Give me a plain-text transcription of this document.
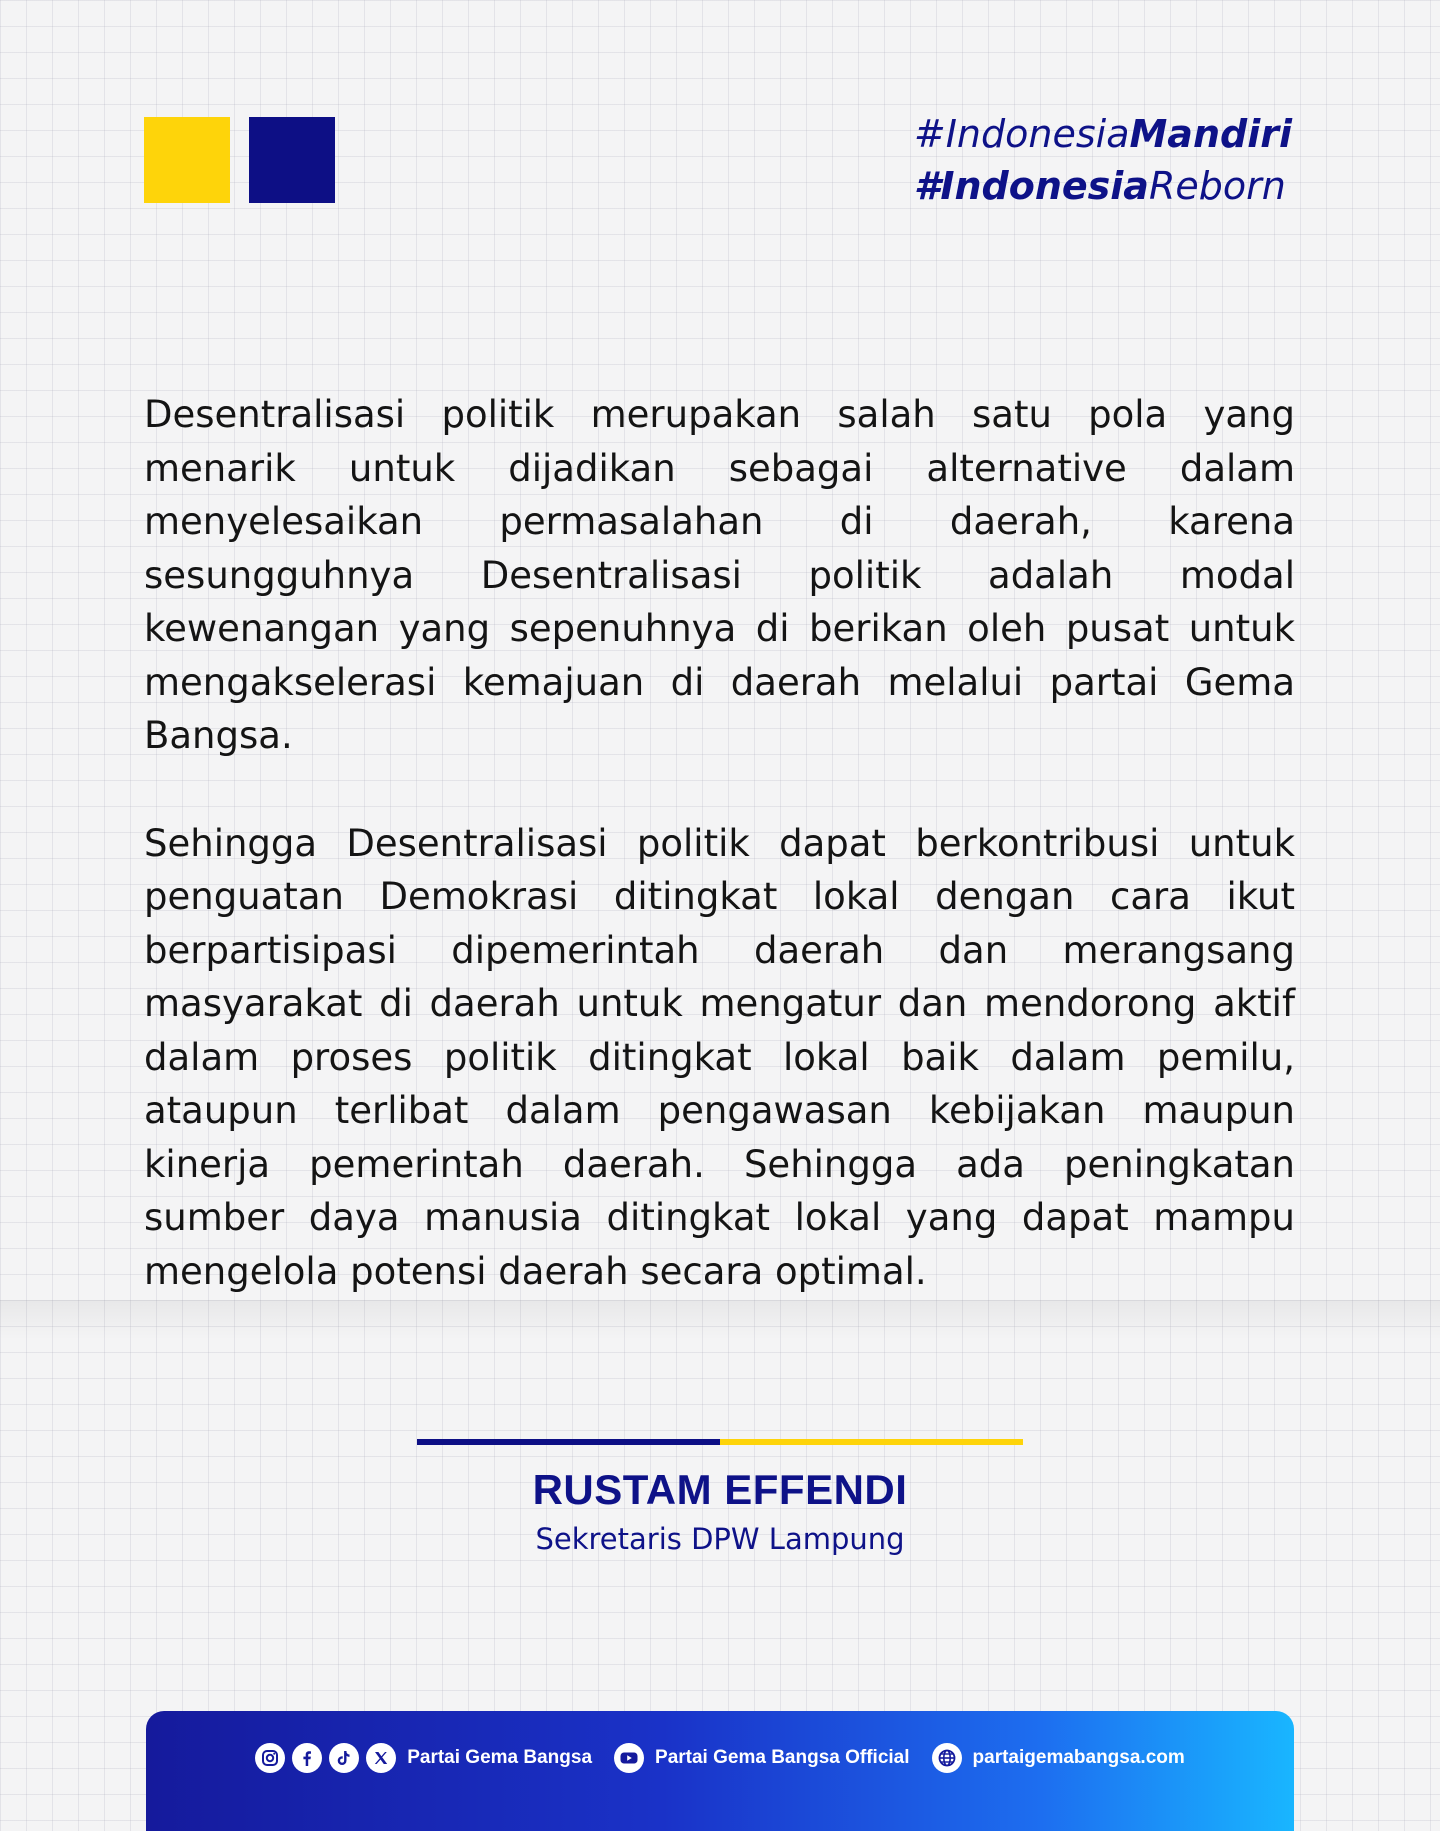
#IndonesiaMandiri
#IndonesiaReborn

Desentralisasi politik merupakan salah satu pola yang menarik untuk dijadikan sebagai alternative dalam menyelesaikan permasalahan di daerah, karena sesungguhnya Desentralisasi politik adalah modal kewenangan yang sepenuhnya di berikan oleh pusat untuk mengakselerasi kemajuan di daerah melalui partai Gema Bangsa.

Sehingga Desentralisasi politik dapat berkontribusi untuk penguatan Demokrasi ditingkat lokal dengan cara ikut berpartisipasi dipemerintah daerah dan merangsang masyarakat di daerah untuk mengatur dan mendorong aktif dalam proses politik ditingkat lokal baik dalam pemilu, ataupun terlibat dalam pengawasan kebijakan maupun kinerja pemerintah daerah. Sehingga ada peningkatan sumber daya manusia ditingkat lokal yang dapat mampu mengelola potensi daerah secara optimal.

RUSTAM EFFENDI
Sekretaris DPW Lampung
Partai Gema Bangsa	Partai Gema Bangsa Official	partaigemabangsa.com
